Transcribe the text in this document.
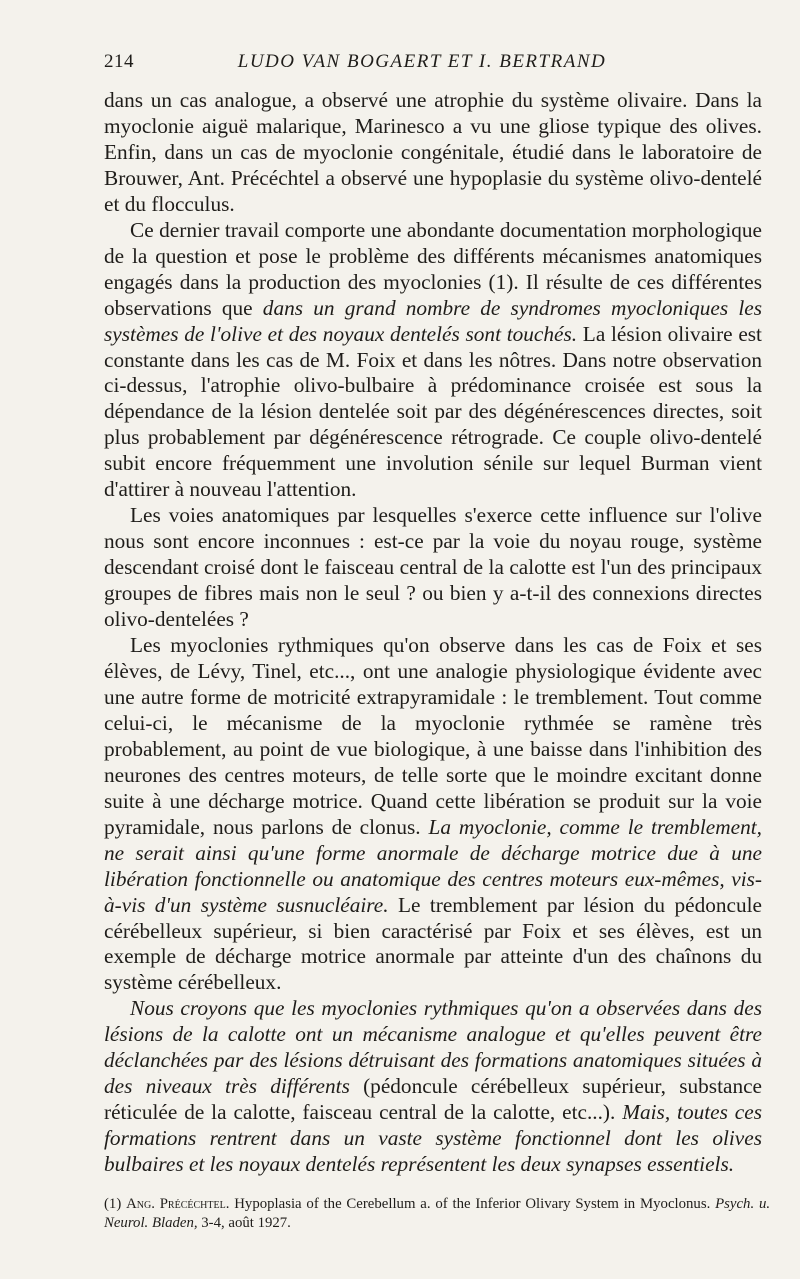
214	LUDO VAN BOGAERT ET I. BERTRAND

dans un cas analogue, a observé une atrophie du système olivaire. Dans la myoclonie aiguë malarique, Marinesco a vu une gliose typique des olives. Enfin, dans un cas de myoclonie congénitale, étudié dans le laboratoire de Brouwer, Ant. Précéchtel a observé une hypoplasie du système olivo-dentelé et du flocculus.

Ce dernier travail comporte une abondante documentation morphologique de la question et pose le problème des différents mécanismes anatomiques engagés dans la production des myoclonies (1). Il résulte de ces différentes observations que dans un grand nombre de syndromes myocloniques les systèmes de l'olive et des noyaux dentelés sont touchés. La lésion olivaire est constante dans les cas de M. Foix et dans les nôtres. Dans notre observation ci-dessus, l'atrophie olivo-bulbaire à prédominance croisée est sous la dépendance de la lésion dentelée soit par des dégénérescences directes, soit plus probablement par dégénérescence rétrograde. Ce couple olivo-dentelé subit encore fréquemment une involution sénile sur lequel Burman vient d'attirer à nouveau l'attention.

Les voies anatomiques par lesquelles s'exerce cette influence sur l'olive nous sont encore inconnues : est-ce par la voie du noyau rouge, système descendant croisé dont le faisceau central de la calotte est l'un des principaux groupes de fibres mais non le seul ? ou bien y a-t-il des connexions directes olivo-dentelées ?

Les myoclonies rythmiques qu'on observe dans les cas de Foix et ses élèves, de Lévy, Tinel, etc..., ont une analogie physiologique évidente avec une autre forme de motricité extrapyramidale : le tremblement. Tout comme celui-ci, le mécanisme de la myoclonie rythmée se ramène très probablement, au point de vue biologique, à une baisse dans l'inhibition des neurones des centres moteurs, de telle sorte que le moindre excitant donne suite à une décharge motrice. Quand cette libération se produit sur la voie pyramidale, nous parlons de clonus. La myoclonie, comme le tremblement, ne serait ainsi qu'une forme anormale de décharge motrice due à une libération fonctionnelle ou anatomique des centres moteurs eux-mêmes, vis-à-vis d'un système susnucléaire. Le tremblement par lésion du pédoncule cérébelleux supérieur, si bien caractérisé par Foix et ses élèves, est un exemple de décharge motrice anormale par atteinte d'un des chaînons du système cérébelleux.

Nous croyons que les myoclonies rythmiques qu'on a observées dans des lésions de la calotte ont un mécanisme analogue et qu'elles peuvent être déclanchées par des lésions détruisant des formations anatomiques situées à des niveaux très différents (pédoncule cérébelleux supérieur, substance réticulée de la calotte, faisceau central de la calotte, etc...). Mais, toutes ces formations rentrent dans un vaste système fonctionnel dont les olives bulbaires et les noyaux dentelés représentent les deux synapses essentiels.

(1) Ang. Précéchtel. Hypoplasia of the Cerebellum a. of the Inferior Olivary System in Myoclonus. Psych. u. Neurol. Bladen, 3-4, août 1927.
